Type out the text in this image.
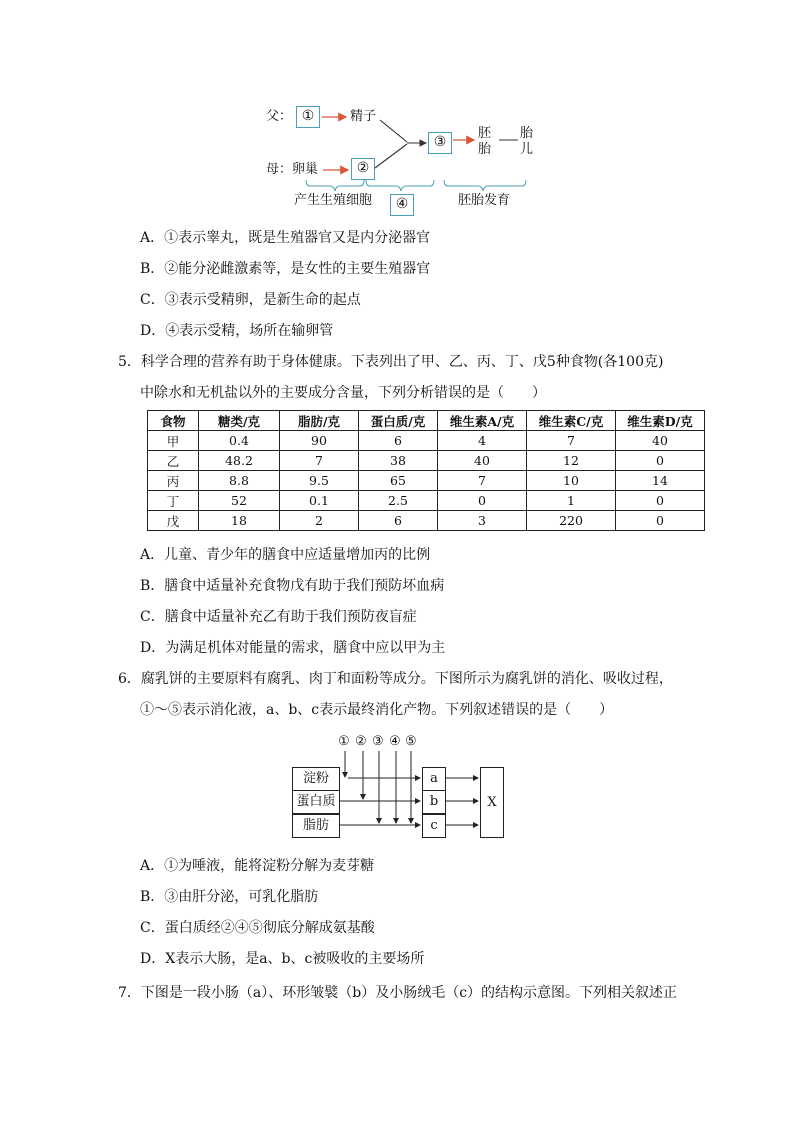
父： ①	精子
母： 卵巢	②
③
胚
胎
胎
儿
产生生殖细胞	④	胚胎发育
A．①表示睾丸，既是生殖器官又是内分泌器官
B．②能分泌雌激素等，是女性的主要生殖器官
C．③表示受精卵，是新生命的起点
D．④表示受精，场所在输卵管
5．科学合理的营养有助于身体健康。下表列出了甲、乙、丙、丁、戊5种食物(各100克)
中除水和无机盐以外的主要成分含量，下列分析错误的是（　　）
食物	糖类/克	脂肪/克	蛋白质/克	维生素A/克	维生素C/克	维生素D/克
甲	0.4	90	6	4	7	40
乙	48.2	7	38	40	12	0
丙	8.8	9.5	65	7	10	14
丁	52	0.1	2.5	0	1	0
戊	18	2	6	3	220	0
A．儿童、青少年的膳食中应适量增加丙的比例
B．膳食中适量补充食物戊有助于我们预防坏血病
C．膳食中适量补充乙有助于我们预防夜盲症
D．为满足机体对能量的需求，膳食中应以甲为主
6．腐乳饼的主要原料有腐乳、肉丁和面粉等成分。下图所示为腐乳饼的消化、吸收过程，
①～⑤表示消化液，a、b、c表示最终消化产物。下列叙述错误的是（　　）
① ② ③ ④ ⑤
淀粉
蛋白质
脂肪
a
b
c
X
A．①为唾液，能将淀粉分解为麦芽糖
B．③由肝分泌，可乳化脂肪
C．蛋白质经②④⑤彻底分解成氨基酸
D．X表示大肠，是a、b、c被吸收的主要场所
7．下图是一段小肠（a）、环形皱襞（b）及小肠绒毛（c）的结构示意图。下列相关叙述正
